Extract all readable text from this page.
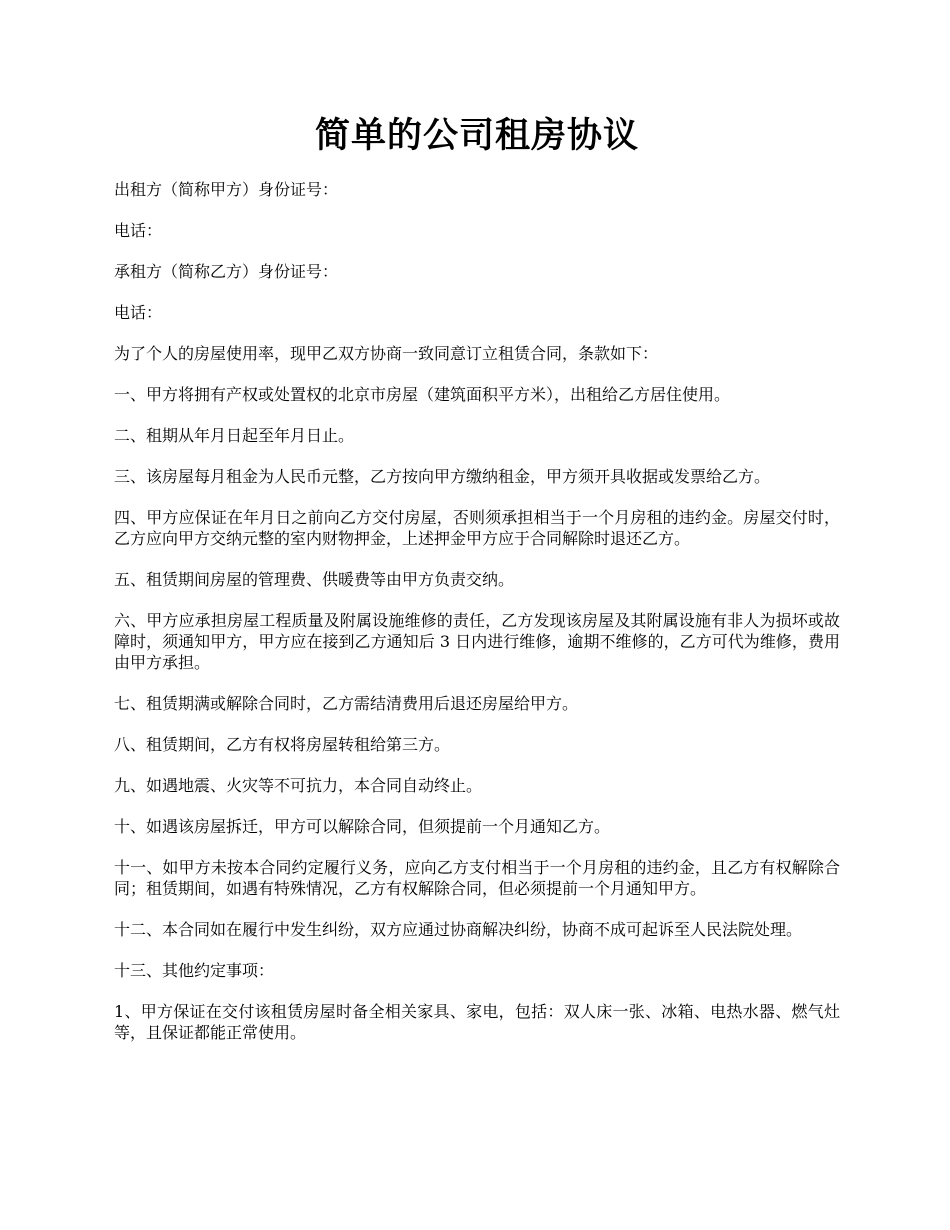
简单的公司租房协议

出租方（简称甲方）身份证号：

电话：

承租方（简称乙方）身份证号：

电话：

为了个人的房屋使用率，现甲乙双方协商一致同意订立租赁合同，条款如下：

一、甲方将拥有产权或处置权的北京市房屋（建筑面积平方米），出租给乙方居住使用。

二、租期从年月日起至年月日止。

三、该房屋每月租金为人民币元整，乙方按向甲方缴纳租金，甲方须开具收据或发票给乙方。

四、甲方应保证在年月日之前向乙方交付房屋，否则须承担相当于一个月房租的违约金。房屋交付时，乙方应向甲方交纳元整的室内财物押金，上述押金甲方应于合同解除时退还乙方。

五、租赁期间房屋的管理费、供暖费等由甲方负责交纳。

六、甲方应承担房屋工程质量及附属设施维修的责任，乙方发现该房屋及其附属设施有非人为损坏或故障时，须通知甲方，甲方应在接到乙方通知后 3 日内进行维修，逾期不维修的，乙方可代为维修，费用由甲方承担。

七、租赁期满或解除合同时，乙方需结清费用后退还房屋给甲方。

八、租赁期间，乙方有权将房屋转租给第三方。

九、如遇地震、火灾等不可抗力，本合同自动终止。

十、如遇该房屋拆迁，甲方可以解除合同，但须提前一个月通知乙方。

十一、如甲方未按本合同约定履行义务，应向乙方支付相当于一个月房租的违约金，且乙方有权解除合同；租赁期间，如遇有特殊情况，乙方有权解除合同，但必须提前一个月通知甲方。

十二、本合同如在履行中发生纠纷，双方应通过协商解决纠纷，协商不成可起诉至人民法院处理。

十三、其他约定事项：

1、甲方保证在交付该租赁房屋时备全相关家具、家电，包括：双人床一张、冰箱、电热水器、燃气灶等，且保证都能正常使用。
